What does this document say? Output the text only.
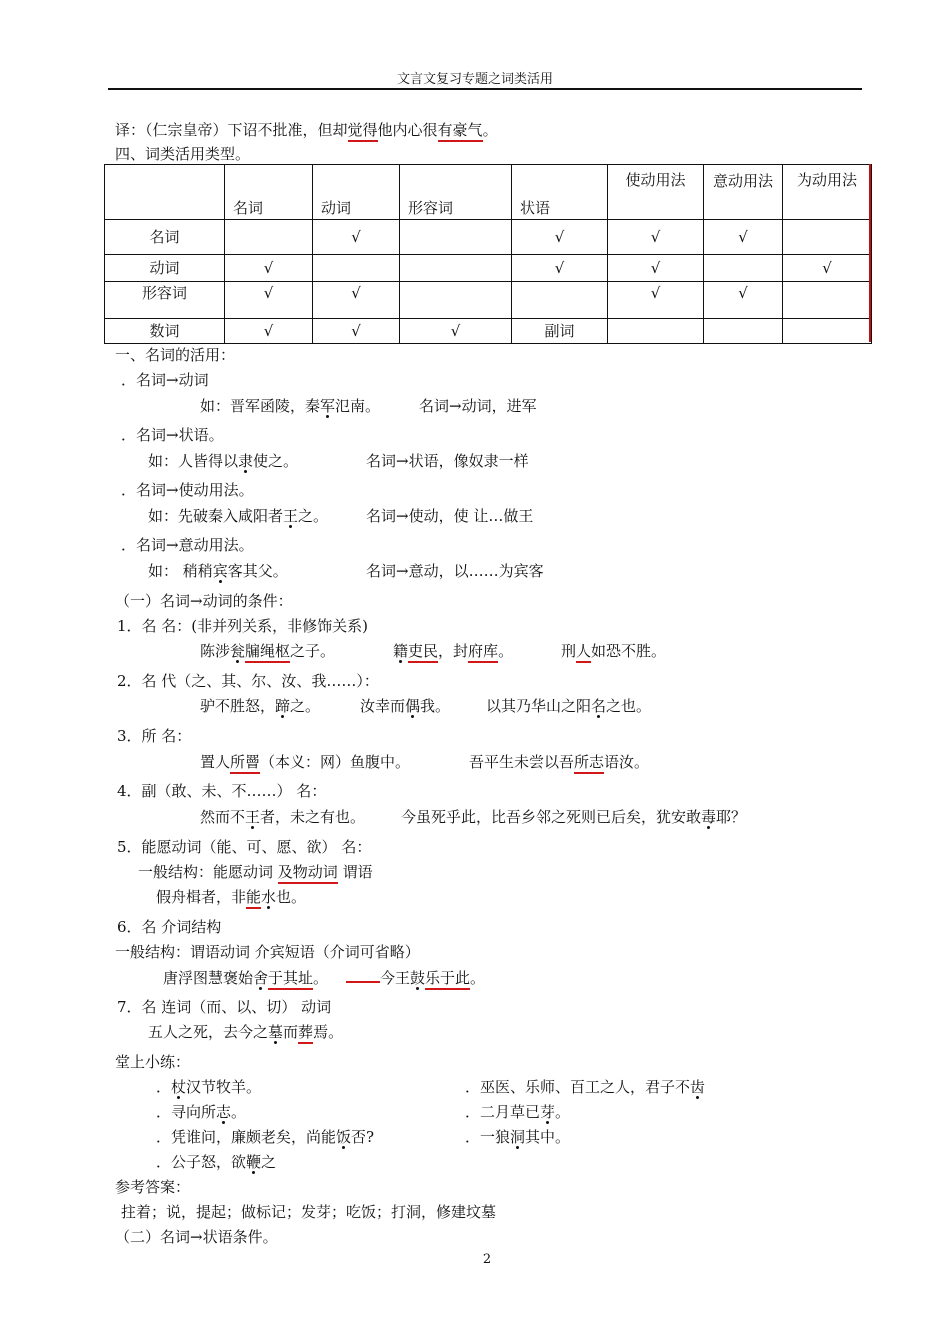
文言文复习专题之词类活用
译：（仁宗皇帝）下诏不批准，但却觉得他内心很有豪气。
四、词类活用类型。
	名词	动词	形容词	状语	使动用法	意动用法	为动用法
名词		√		√	√	√	
动词	√			√	√		√
形容词	√	√			√	√	
数词	√	√	√	副词			
一、名词的活用：
．名词→动词
如：晋军函陵，秦军氾南。	名词→动词，进军
．名词→状语。
如：人皆得以隶使之。	名词→状语，像奴隶一样
．名词→使动用法。
如：先破秦入咸阳者王之。	名词→使动，使 让…做王
．名词→意动用法。
如： 稍稍宾客其父。	名词→意动，以……为宾客
（一）名词→动词的条件：
1．名 名：(非并列关系，非修饰关系)
陈涉瓮牖绳枢之子。	籍吏民，封府库。	刑人如恐不胜。
2．名 代（之、其、尔、汝、我……）：
驴不胜怒，蹄之。	汝幸而偶我。 以其乃华山之阳名之也。
3．所 名：
置人所罾（本义：网）鱼腹中。	吾平生未尝以吾所志语汝。
4．副（敢、未、不……） 名：
然而不王者，未之有也。 今虽死乎此，比吾乡邻之死则已后矣，犹安敢毒耶？
5．能愿动词（能、可、愿、欲） 名：
一般结构：能愿动词 及物动词 谓语
假舟楫者，非能水也。
6．名 介词结构
一般结构：谓语动词 介宾短语（介词可省略）
唐浮图慧褒始舍于其址。	今王鼓乐于此。
7．名 连词（而、以、切） 动词
五人之死，去今之墓而葬焉。
堂上小练：
．杖汉节牧羊。
．寻向所志。
．凭谁问，廉颇老矣，尚能饭否?
．公子怒，欲鞭之
．巫医、乐师、百工之人，君子不齿
．二月草已芽。
．一狼洞其中。
参考答案：
拄着；说，提起；做标记；发芽；吃饭；打洞，修建坟墓
（二）名词→状语条件。
2
